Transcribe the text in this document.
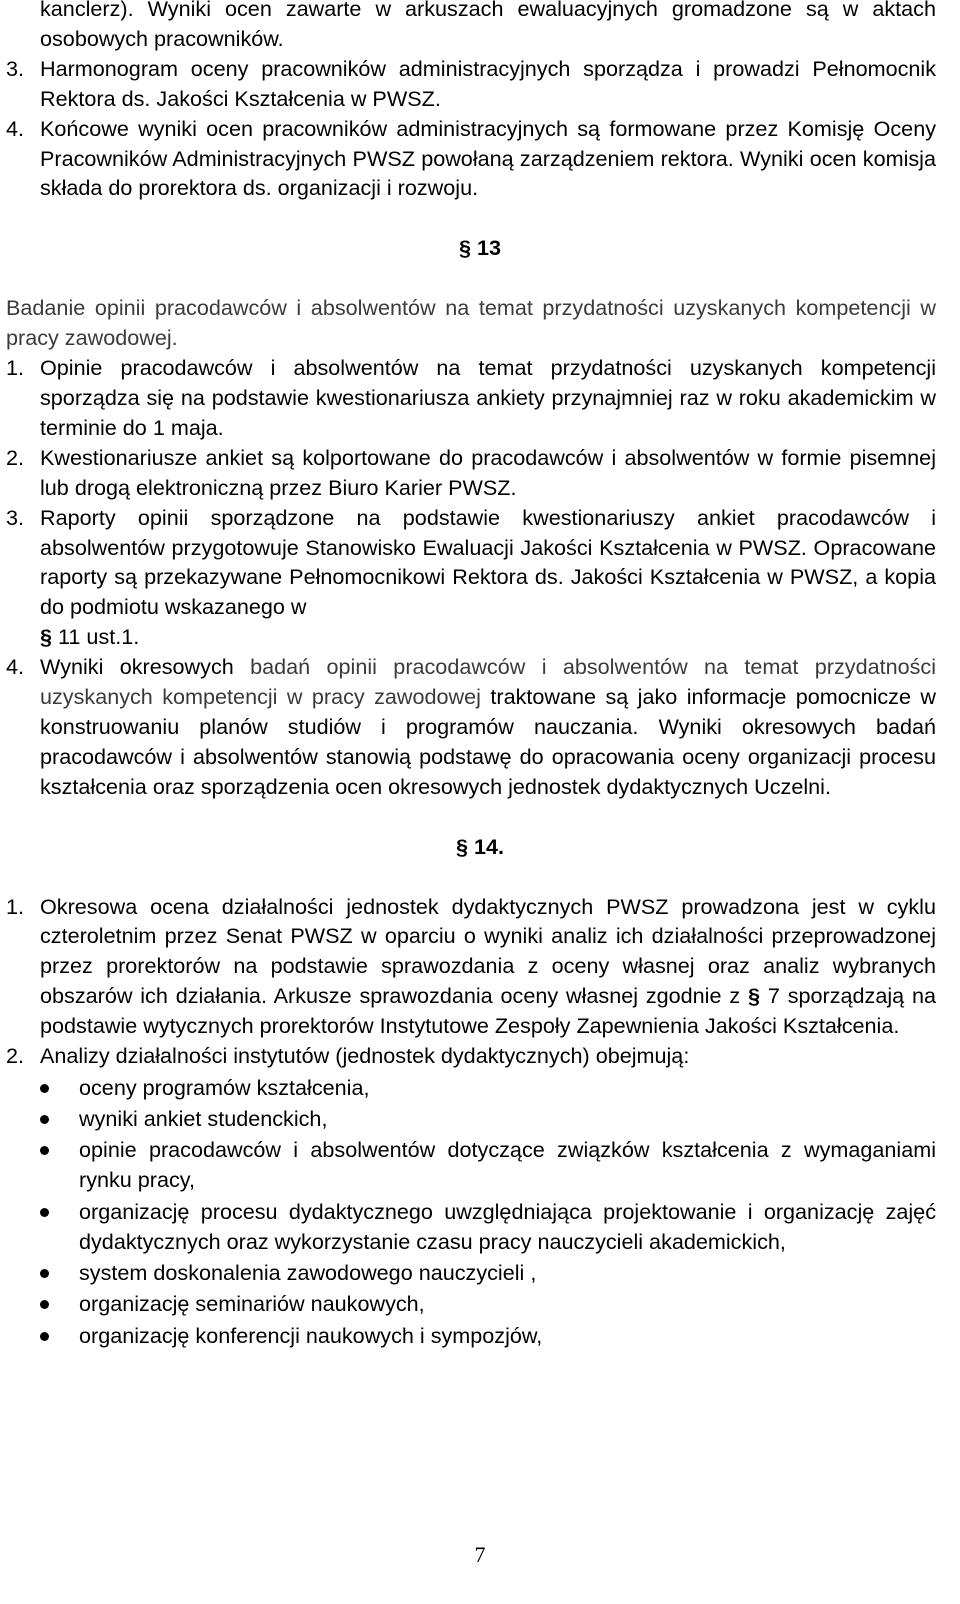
kanclerz). Wyniki ocen zawarte w arkuszach ewaluacyjnych gromadzone są w aktach osobowych pracowników.
3. Harmonogram oceny pracowników administracyjnych sporządza i prowadzi Pełnomocnik Rektora ds. Jakości Kształcenia w PWSZ.
4. Końcowe wyniki ocen pracowników administracyjnych są formowane przez Komisję Oceny Pracowników Administracyjnych PWSZ powołaną zarządzeniem rektora. Wyniki ocen komisja składa do prorektora ds. organizacji i rozwoju.
§ 13
Badanie opinii pracodawców i absolwentów na temat przydatności uzyskanych kompetencji w pracy zawodowej.
1. Opinie pracodawców i absolwentów na temat przydatności uzyskanych kompetencji sporządza się na podstawie kwestionariusza ankiety przynajmniej raz w roku akademickim w terminie do 1 maja.
2. Kwestionariusze ankiet są kolportowane do pracodawców i absolwentów w formie pisemnej lub drogą elektroniczną przez Biuro Karier PWSZ.
3. Raporty opinii sporządzone na podstawie kwestionariuszy ankiet pracodawców i absolwentów przygotowuje Stanowisko Ewaluacji Jakości Kształcenia w PWSZ. Opracowane raporty są przekazywane Pełnomocnikowi Rektora ds. Jakości Kształcenia w PWSZ, a kopia do podmiotu wskazanego w
§ 11 ust.1.
4. Wyniki okresowych badań opinii pracodawców i absolwentów na temat przydatności uzyskanych kompetencji w pracy zawodowej traktowane są jako informacje pomocnicze w konstruowaniu planów studiów i programów nauczania. Wyniki okresowych badań pracodawców i absolwentów stanowią podstawę do opracowania oceny organizacji procesu kształcenia oraz sporządzenia ocen okresowych jednostek dydaktycznych Uczelni.
§ 14.
1. Okresowa ocena działalności jednostek dydaktycznych PWSZ prowadzona jest w cyklu czteroletnim przez Senat PWSZ w oparciu o wyniki analiz ich działalności przeprowadzonej przez prorektorów na podstawie sprawozdania z oceny własnej oraz analiz wybranych obszarów ich działania. Arkusze sprawozdania oceny własnej zgodnie z § 7 sporządzają na podstawie wytycznych prorektorów Instytutowe Zespoły Zapewnienia Jakości Kształcenia.
2. Analizy działalności instytutów (jednostek dydaktycznych) obejmują:
oceny programów kształcenia,
wyniki ankiet studenckich,
opinie pracodawców i absolwentów dotyczące związków kształcenia z wymaganiami rynku pracy,
organizację procesu dydaktycznego uwzględniająca projektowanie i organizację zajęć dydaktycznych oraz wykorzystanie czasu pracy nauczycieli akademickich,
system doskonalenia zawodowego nauczycieli ,
organizację seminariów naukowych,
organizację konferencji naukowych i sympozjów,
7
